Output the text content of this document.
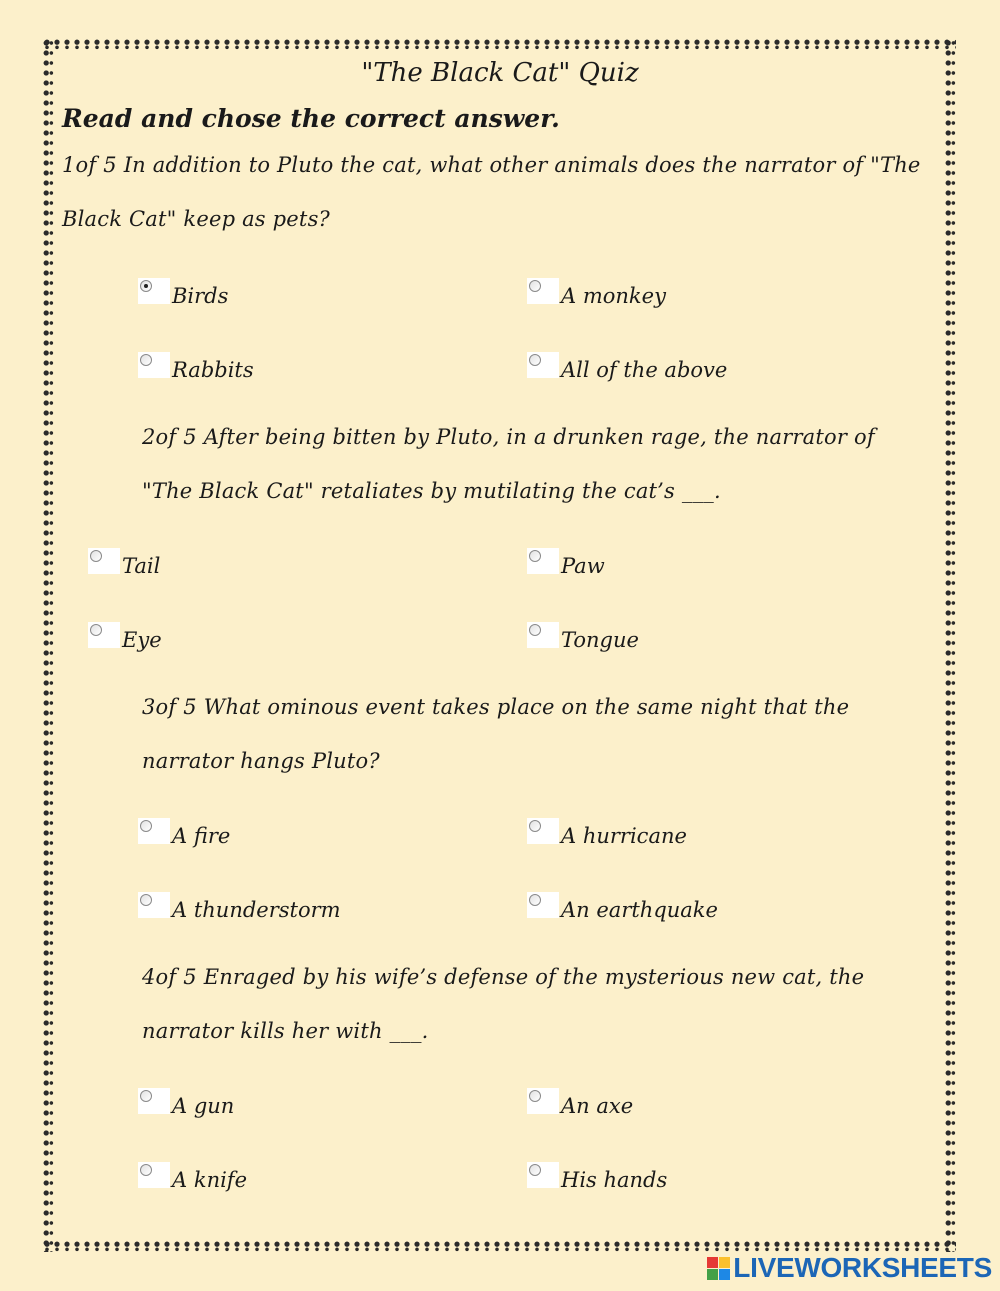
"The Black Cat" Quiz
Read and chose the correct answer.
1of 5 In addition to Pluto the cat, what other animals does the narrator of "The Black Cat" keep as pets?
Birds	A monkey
Rabbits	All of the above
2of 5 After being bitten by Pluto, in a drunken rage, the narrator of "The Black Cat" retaliates by mutilating the cat’s ___.
Tail	Paw
Eye	Tongue
3of 5 What ominous event takes place on the same night that the narrator hangs Pluto?
A fire	A hurricane
A thunderstorm	An earthquake
4of 5 Enraged by his wife’s defense of the mysterious new cat, the narrator kills her with ___.
A gun	An axe
A knife	His hands
LIVEWORKSHEETS
